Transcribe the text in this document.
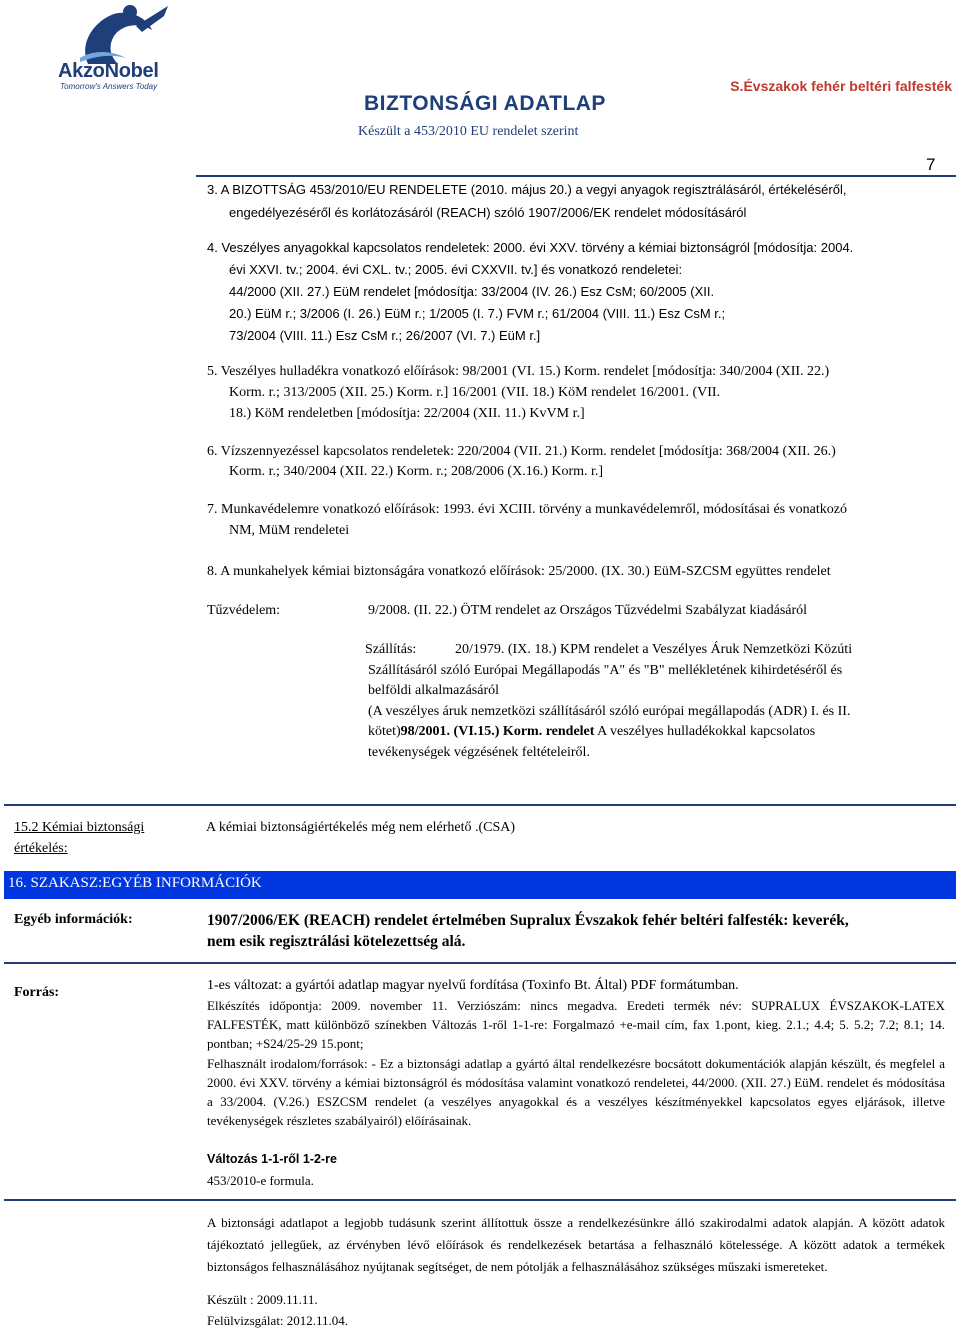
AkzoNobel
Tomorrow's Answers Today	S.Évszakok fehér beltéri falfesték
BIZTONSÁGI ADATLAP
Készült a 453/2010 EU rendelet szerint
7
3. A BIZOTTSÁG 453/2010/EU RENDELETE (2010. május 20.) a vegyi anyagok regisztrálásáról, értékeléséről,
engedélyezéséről és korlátozásáról (REACH) szóló 1907/2006/EK rendelet módosításáról
4. Veszélyes anyagokkal kapcsolatos rendeletek: 2000. évi XXV. törvény a kémiai biztonságról [módosítja: 2004.
évi XXVI. tv.; 2004. évi CXL. tv.; 2005. évi CXXVII. tv.] és vonatkozó rendeletei:
44/2000 (XII. 27.) EüM rendelet [módosítja: 33/2004 (IV. 26.) Esz CsM; 60/2005 (XII.
20.) EüM r.; 3/2006 (I. 26.) EüM r.; 1/2005 (I. 7.) FVM r.; 61/2004 (VIII. 11.) Esz CsM r.;
73/2004 (VIII. 11.) Esz CsM r.; 26/2007 (VI. 7.) EüM r.]
5. Veszélyes hulladékra vonatkozó előírások: 98/2001 (VI. 15.) Korm. rendelet [módosítja: 340/2004 (XII. 22.)
Korm. r.; 313/2005 (XII. 25.) Korm. r.] 16/2001 (VII. 18.) KöM rendelet 16/2001. (VII.
18.) KöM rendeletben [módosítja: 22/2004 (XII. 11.) KvVM r.]
6. Vízszennyezéssel kapcsolatos rendeletek: 220/2004 (VII. 21.) Korm. rendelet [módosítja: 368/2004 (XII. 26.)
Korm. r.; 340/2004 (XII. 22.) Korm. r.; 208/2006 (X.16.) Korm. r.]
7. Munkavédelemre vonatkozó előírások: 1993. évi XCIII. törvény a munkavédelemről, módosításai és vonatkozó
NM, MüM rendeletei
8. A munkahelyek kémiai biztonságára vonatkozó előírások: 25/2000. (IX. 30.) EüM-SZCSM együttes rendelet
Tűzvédelem:	9/2008. (II. 22.) ÖTM rendelet az Országos Tűzvédelmi Szabályzat kiadásáról
Szállítás:	20/1979. (IX. 18.) KPM rendelet a Veszélyes Áruk Nemzetközi Közúti
Szállításáról szóló Európai Megállapodás "A" és "B" mellékletének kihirdetéséről és
belföldi alkalmazásáról
(A veszélyes áruk nemzetközi szállításáról szóló európai megállapodás (ADR) I. és II.
kötet)98/2001. (VI.15.) Korm. rendelet A veszélyes hulladékokkal kapcsolatos
tevékenységek végzésének feltételeiről.
15.2 Kémiai biztonsági
értékelés:
A kémiai biztonságiértékelés még nem elérhető .(CSA)
16. SZAKASZ:EGYÉB INFORMÁCIÓK
Egyéb információk:	1907/2006/EK (REACH) rendelet értelmében Supralux Évszakok fehér beltéri falfesték: keverék,
nem esik regisztrálási kötelezettség alá.
Forrás:	1-es változat: a gyártói adatlap magyar nyelvű fordítása (Toxinfo Bt. Által) PDF formátumban.
Elkészítés időpontja: 2009. november 11. Verziószám: nincs megadva. Eredeti termék név: SUPRALUX ÉVSZAKOK-LATEX FALFESTÉK, matt különböző színekben Változás 1-ről 1-1-re: Forgalmazó +e-mail cím, fax 1.pont, kieg. 2.1.; 4.4; 5. 5.2; 7.2; 8.1; 14. pontban; +S24/25-29 15.pont;
Felhasznált irodalom/források: - Ez a biztonsági adatlap a gyártó által rendelkezésre bocsátott dokumentációk alapján készült, és megfelel a 2000. évi XXV. törvény a kémiai biztonságról és módosítása valamint vonatkozó rendeletei, 44/2000. (XII. 27.) EüM. rendelet és módosítása a 33/2004. (V.26.) ESZCSM rendelet (a veszélyes anyagokkal és a veszélyes készítményekkel kapcsolatos egyes eljárások, illetve tevékenységek részletes szabályairól) előírásainak.
Változás 1-1-ről 1-2-re
453/2010-e formula.
A biztonsági adatlapot a legjobb tudásunk szerint állítottuk össze a rendelkezésünkre álló szakirodalmi adatok alapján. A között adatok tájékoztató jellegűek, az érvényben lévő előírások és rendelkezések betartása a felhasználó kötelessége. A között adatok a termékek biztonságos felhasználásához nyújtanak segítséget, de nem pótolják a felhasználásához szükséges műszaki ismereteket.
Készült : 2009.11.11.
Felülvizsgálat: 2012.11.04.
